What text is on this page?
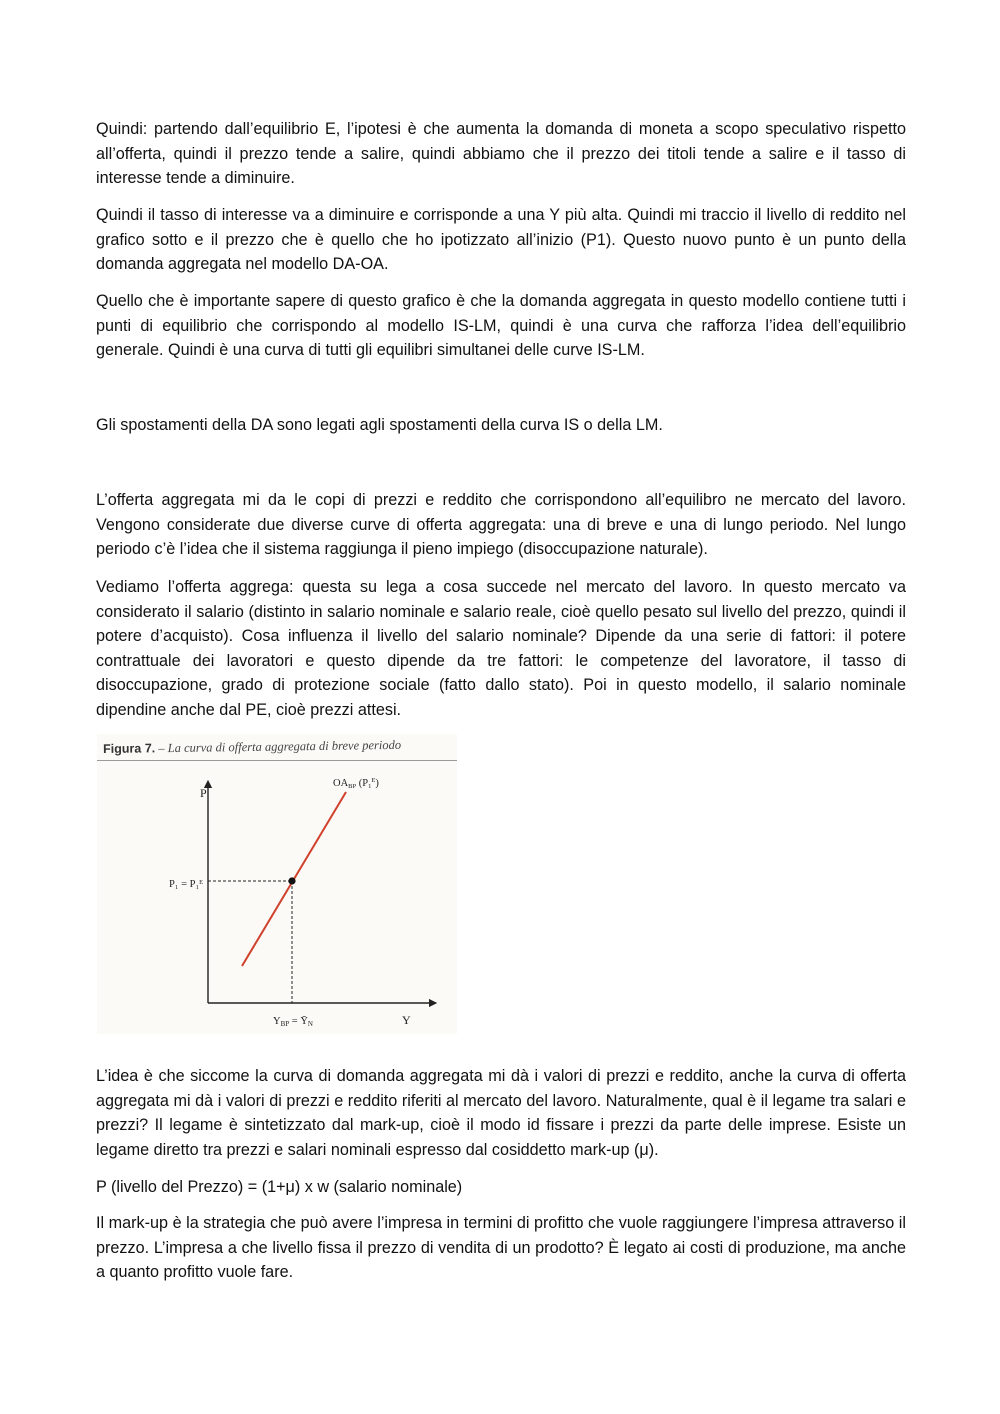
Quindi: partendo dall’equilibrio E, l’ipotesi è che aumenta la domanda di moneta a scopo speculativo rispetto all’offerta, quindi il prezzo tende a salire, quindi abbiamo che il prezzo dei titoli tende a salire e il tasso di interesse tende a diminuire.

Quindi il tasso di interesse va a diminuire e corrisponde a una Y più alta. Quindi mi traccio il livello di reddito nel grafico sotto e il prezzo che è quello che ho ipotizzato all’inizio (P1). Questo nuovo punto è un punto della domanda aggregata nel modello DA-OA.

Quello che è importante sapere di questo grafico è che la domanda aggregata in questo modello contiene tutti i punti di equilibrio che corrispondo al modello IS-LM, quindi è una curva che rafforza l’idea dell’equilibrio generale. Quindi è una curva di tutti gli equilibri simultanei delle curve IS-LM.

Gli spostamenti della DA sono legati agli spostamenti della curva IS o della LM.

L’offerta aggregata mi da le copi di prezzi e reddito che corrispondono all’equilibro ne mercato del lavoro. Vengono considerate due diverse curve di offerta aggregata: una di breve e una di lungo periodo. Nel lungo periodo c’è l’idea che il sistema raggiunga il pieno impiego (disoccupazione naturale).

Vediamo l’offerta aggrega: questa su lega a cosa succede nel mercato del lavoro. In questo mercato va considerato il salario (distinto in salario nominale e salario reale, cioè quello pesato sul livello del prezzo, quindi il potere d’acquisto). Cosa influenza il livello del salario nominale? Dipende da una serie di fattori: il potere contrattuale dei lavoratori e questo dipende da tre fattori: le competenze del lavoratore, il tasso di disoccupazione, grado di protezione sociale (fatto dallo stato). Poi in questo modello, il salario nominale dipendine anche dal PE, cioè prezzi attesi.

Figura 7. – La curva di offerta aggregata di breve periodo
P
Y
P₁ = P₁ᴱ
YBP = ȲN
OABP $(P1^E)$

L’idea è che siccome la curva di domanda aggregata mi dà i valori di prezzi e reddito, anche la curva di offerta aggregata mi dà i valori di prezzi e reddito riferiti al mercato del lavoro. Naturalmente, qual è il legame tra salari e prezzi? Il legame è sintetizzato dal mark-up, cioè il modo id fissare i prezzi da parte delle imprese. Esiste un legame diretto tra prezzi e salari nominali espresso dal cosiddetto mark-up (μ).

P (livello del Prezzo) = (1+μ) x w (salario nominale)

Il mark-up è la strategia che può avere l’impresa in termini di profitto che vuole raggiungere l’impresa attraverso il prezzo. L’impresa a che livello fissa il prezzo di vendita di un prodotto? È legato ai costi di produzione, ma anche a quanto profitto vuole fare.
